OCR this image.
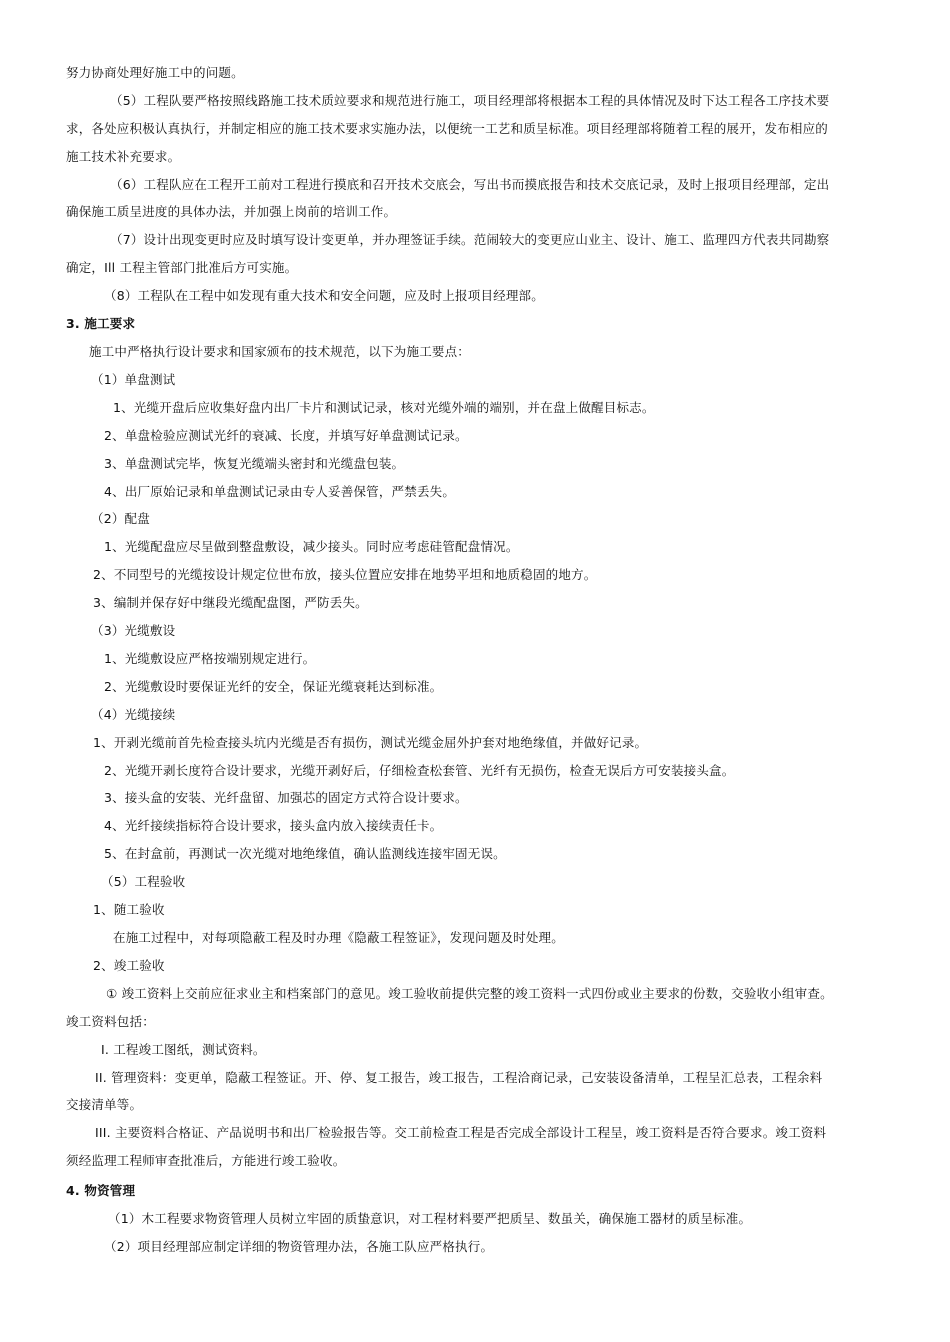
努力协商处理好施工中的问题。
（5）工程队要严格按照线路施工技术质竝要求和规范进行施工，项目经理部将根据本工程的具体情况及时下达工程各工序技术要
求，各处应积极认真执行，并制定相应的施工技术要求实施办法，以便统一工艺和质呈标准。项目经理部将随着工程的展开，发布相应的
施工技术补充要求。
（6）工程队应在工程开工前对工程进行摸底和召开技术交底会，写出书而摸底报告和技术交底记录，及时上报项目经理部，定出
确保施工质呈进度的具体办法，并加强上岗前的培训工作。
（7）设计出现变更时应及时填写设计变更单，并办理签证手续。范闹较大的变更应山业主、设计、施工、监理四方代表共同勘察
确定，Ill 工程主管部门批准后方可实施。
（8）工程队在工程中如发现有重大技术和安全问题，应及时上报项目经理部。
3. 施工要求
施工中严格执行设计要求和国家颁布的技术规范，以下为施工要点：
（1）单盘测试
1、光缆开盘后应收集好盘内出厂卡片和测试记录，核对光缆外端的端别，并在盘上做醒目标志。
2、单盘检验应测试光纤的衰减、长度，并填写好单盘测试记录。
3、单盘测试完毕，恢复光缆端头密封和光缆盘包装。
4、出厂原始记录和单盘测试记录由专人妥善保管，严禁丢失。
（2）配盘
1、光缆配盘应尽呈做到整盘敷设，减少接头。同时应考虑硅管配盘情况。
2、不同型号的光缆按设计规定位世布放，接头位置应安排在地势平坦和地质稳固的地方。
3、编制并保存好中继段光缆配盘图，严防丢失。
（3）光缆敷设
1、光缆敷设应严格按端别规定进行。
2、光缆敷设时要保证光纤的安全，保证光缆衰耗达到标准。
（4）光缆接续
1、开剥光缆前首先检查接头坑内光缆是否有损伤，测试光缆金屈外护套对地绝缘值，并做好记录。
2、光缆开剥长度符合设计要求，光缆开剥好后，仔细检查松套管、光纤有无损伤，检查无误后方可安装接头盒。
3、接头盒的安装、光纤盘留、加强芯的固定方式符合设计要求。
4、光纤接续指标符合设计要求，接头盒内放入接续责任卡。
5、在封盒前，再测试一次光缆对地绝缘值，确认监测线连接牢固无误。
（5）工程验收
1、随工验收
在施工过程中，对每项隐蔽工程及时办理《隐蔽工程签证》，发现问题及时处理。
2、竣工验收
① 竣工资料上交前应征求业主和档案部门的意见。竣工验收前提供完整的竣工资料一式四份或业主要求的份数，交验收小组审查。
竣工资料包括：
I. 工程竣工图纸，测试资料。
II. 管理资料：变更单，隐蔽工程签证。开、停、复工报告，竣工报告，工程洽商记录，己安装设备清单，工程呈汇总表，工程余料
交接清单等。
III. 主要资料合格证、产品说明书和出厂检验报告等。交工前检查工程是否完成全部设计工程呈，竣工资料是否符合要求。竣工资料
须经监理工程师审查批准后，方能进行竣工验收。
4. 物资管理
（1）木工程要求物资管理人员树立牢固的质蛰意识，对工程材料要严把质呈、数虽关，确保施工器材的质呈标准。
（2）项目经理部应制定详细的物资管理办法，各施工队应严格执行。
